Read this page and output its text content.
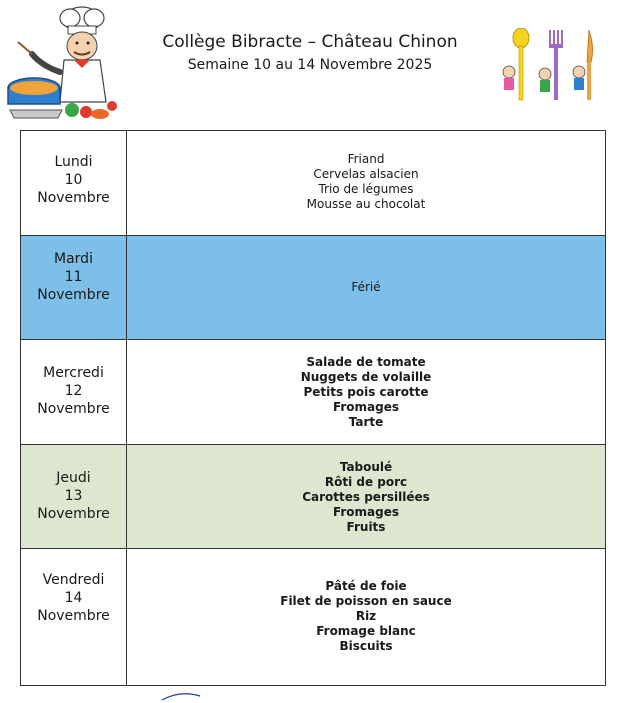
Collège Bibracte – Château Chinon
Semaine 10 au 14 Novembre 2025
Lundi
10
Novembre
Friand
Cervelas alsacien
Trio de légumes
Mousse au chocolat
Mardi
11
Novembre	Férié
Mercredi
12
Novembre
Salade de tomate
Nuggets de volaille
Petits pois carotte
Fromages
Tarte
Jeudi
13
Novembre
Taboulé
Rôti de porc
Carottes persillées
Fromages
Fruits
Vendredi
14
Novembre
Pâté de foie
Filet de poisson en sauce
Riz
Fromage blanc
Biscuits
